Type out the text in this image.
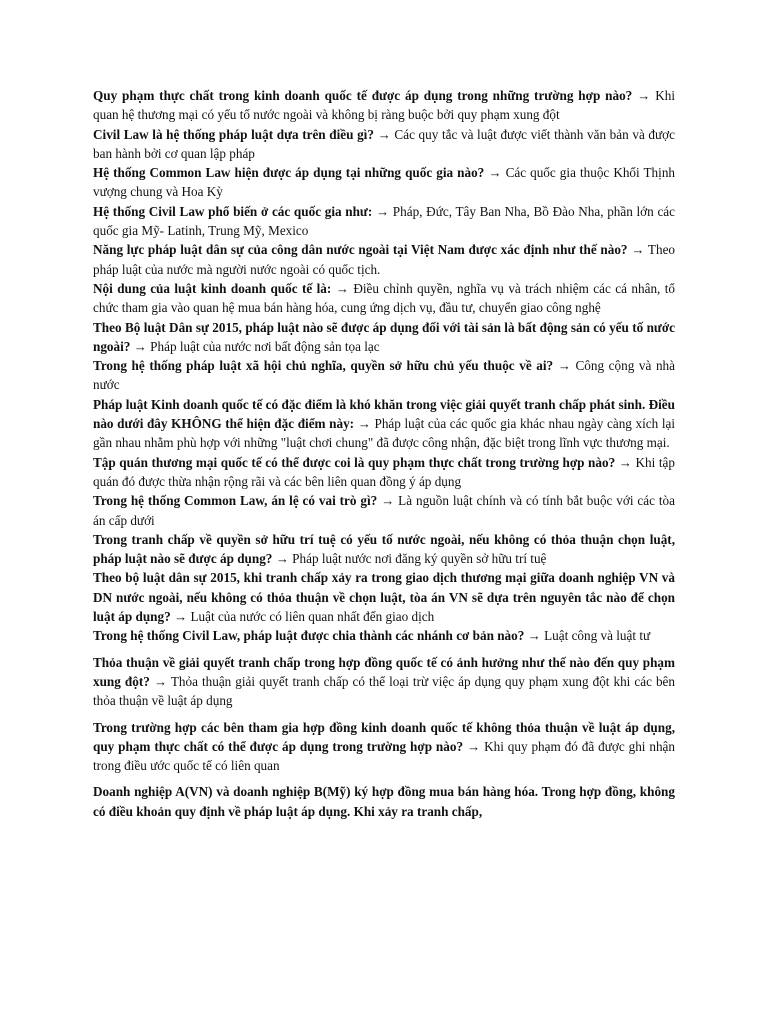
Quy phạm thực chất trong kinh doanh quốc tế được áp dụng trong những trường hợp nào? → Khi quan hệ thương mại có yếu tố nước ngoài và không bị ràng buộc bởi quy phạm xung đột

Civil Law là hệ thống pháp luật dựa trên điều gì? → Các quy tắc và luật được viết thành văn bản và được ban hành bởi cơ quan lập pháp

Hệ thống Common Law hiện được áp dụng tại những quốc gia nào? → Các quốc gia thuộc Khối Thịnh vượng chung và Hoa Kỳ

Hệ thống Civil Law phổ biến ở các quốc gia như: → Pháp, Đức, Tây Ban Nha, Bồ Đào Nha, phần lớn các quốc gia Mỹ- Latinh, Trung Mỹ, Mexico

Năng lực pháp luật dân sự của công dân nước ngoài tại Việt Nam được xác định như thế nào? → Theo pháp luật của nước mà người nước ngoài có quốc tịch.

Nội dung của luật kinh doanh quốc tế là: → Điều chỉnh quyền, nghĩa vụ và trách nhiệm các cá nhân, tổ chức tham gia vào quan hệ mua bán hàng hóa, cung ứng dịch vụ, đầu tư, chuyển giao công nghệ

Theo Bộ luật Dân sự 2015, pháp luật nào sẽ được áp dụng đối với tài sản là bất động sản có yếu tố nước ngoài? → Pháp luật của nước nơi bất động sản tọa lạc

Trong hệ thống pháp luật xã hội chủ nghĩa, quyền sở hữu chủ yếu thuộc về ai? → Công cộng và nhà nước

Pháp luật Kinh doanh quốc tế có đặc điểm là khó khăn trong việc giải quyết tranh chấp phát sinh. Điều nào dưới đây KHÔNG thể hiện đặc điểm này: → Pháp luật của các quốc gia khác nhau ngày càng xích lại gần nhau nhằm phù hợp với những "luật chơi chung" đã được công nhận, đặc biệt trong lĩnh vực thương mại.

Tập quán thương mại quốc tế có thể được coi là quy phạm thực chất trong trường hợp nào? → Khi tập quán đó được thừa nhận rộng rãi và các bên liên quan đồng ý áp dụng

Trong hệ thống Common Law, án lệ có vai trò gì? → Là nguồn luật chính và có tính bắt buộc với các tòa án cấp dưới

Trong tranh chấp về quyền sở hữu trí tuệ có yếu tố nước ngoài, nếu không có thỏa thuận chọn luật, pháp luật nào sẽ được áp dụng? → Pháp luật nước nơi đăng ký quyền sở hữu trí tuệ

Theo bộ luật dân sự 2015, khi tranh chấp xảy ra trong giao dịch thương mại giữa doanh nghiệp VN và DN nước ngoài, nếu không có thỏa thuận về chọn luật, tòa án VN sẽ dựa trên nguyên tắc nào để chọn luật áp dụng? → Luật của nước có liên quan nhất đến giao dịch

Trong hệ thống Civil Law, pháp luật được chia thành các nhánh cơ bản nào? → Luật công và luật tư

Thỏa thuận về giải quyết tranh chấp trong hợp đồng quốc tế có ảnh hưởng như thế nào đến quy phạm xung đột? → Thỏa thuận giải quyết tranh chấp có thể loại trừ việc áp dụng quy phạm xung đột khi các bên thỏa thuận về luật áp dụng

Trong trường hợp các bên tham gia hợp đồng kinh doanh quốc tế không thỏa thuận về luật áp dụng, quy phạm thực chất có thể được áp dụng trong trường hợp nào? → Khi quy phạm đó đã được ghi nhận trong điều ước quốc tế có liên quan

Doanh nghiệp A(VN) và doanh nghiệp B(Mỹ) ký hợp đồng mua bán hàng hóa. Trong hợp đồng, không có điều khoản quy định về pháp luật áp dụng. Khi xảy ra tranh chấp,
